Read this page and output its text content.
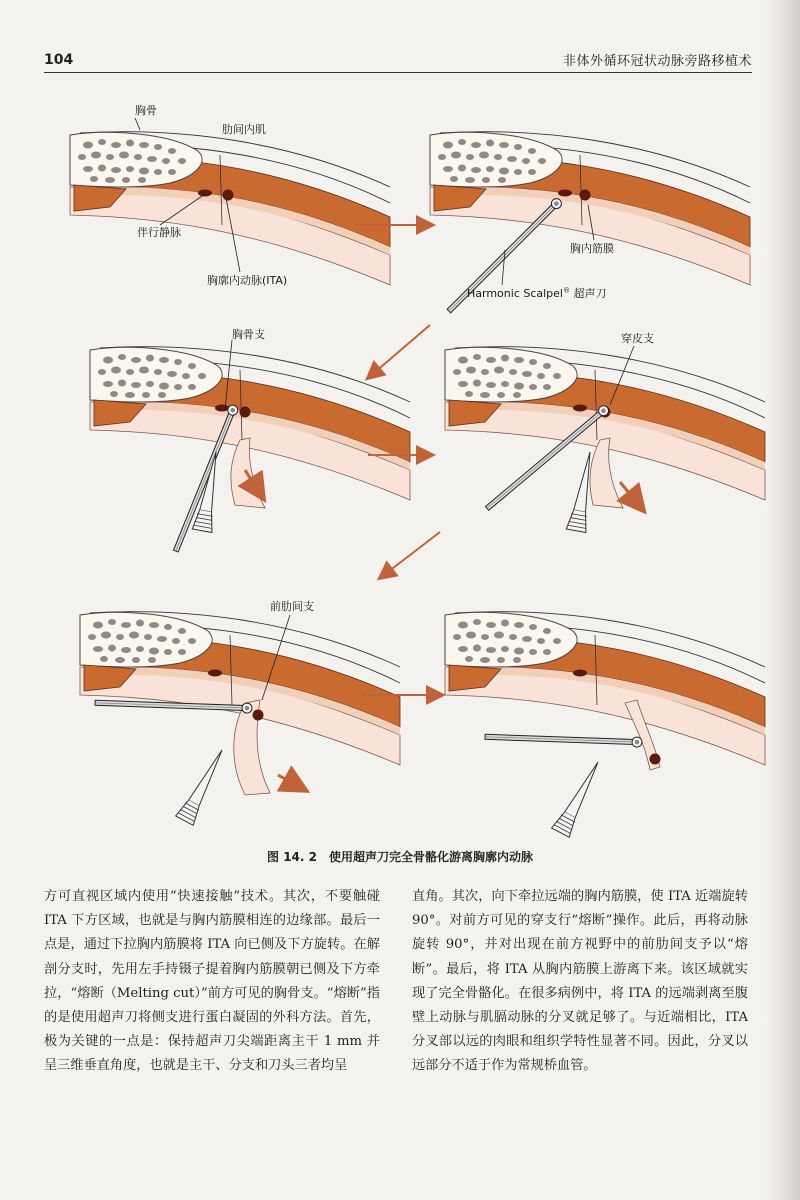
104	非体外循环冠状动脉旁路移植术
胸骨
肋间内肌
伴行静脉
胸廓内动脉(ITA)
胸内筋膜
Harmonic Scalpel® 超声刀
胸骨支	穿皮支
前肋间支
图 14. 2　使用超声刀完全骨骼化游离胸廓内动脉
方可直视区域内使用“快速接触”技术。其次，不要触碰 ITA 下方区域，也就是与胸内筋膜相连的边缘部。最后一点是，通过下拉胸内筋膜将 ITA 向已侧及下方旋转。在解剖分支时，先用左手持镊子提着胸内筋膜朝已侧及下方牵拉，“熔断（Melting cut）”前方可见的胸骨支。“熔断”指的是使用超声刀将侧支进行蛋白凝固的外科方法。首先，极为关键的一点是：保持超声刀尖端距离主干 1 mm 并呈三维垂直角度，也就是主干、分支和刀头三者均呈
直角。其次，向下牵拉远端的胸内筋膜，使 ITA 近端旋转 90°。对前方可见的穿支行“熔断”操作。此后，再将动脉旋转 90°，并对出现在前方视野中的前肋间支予以“熔断”。最后，将 ITA 从胸内筋膜上游离下来。该区域就实现了完全骨骼化。在很多病例中，将 ITA 的远端剥离至腹壁上动脉与肌膈动脉的分叉就足够了。与近端相比，ITA 分叉部以远的肉眼和组织学特性显著不同。因此，分叉以远部分不适于作为常规桥血管。
